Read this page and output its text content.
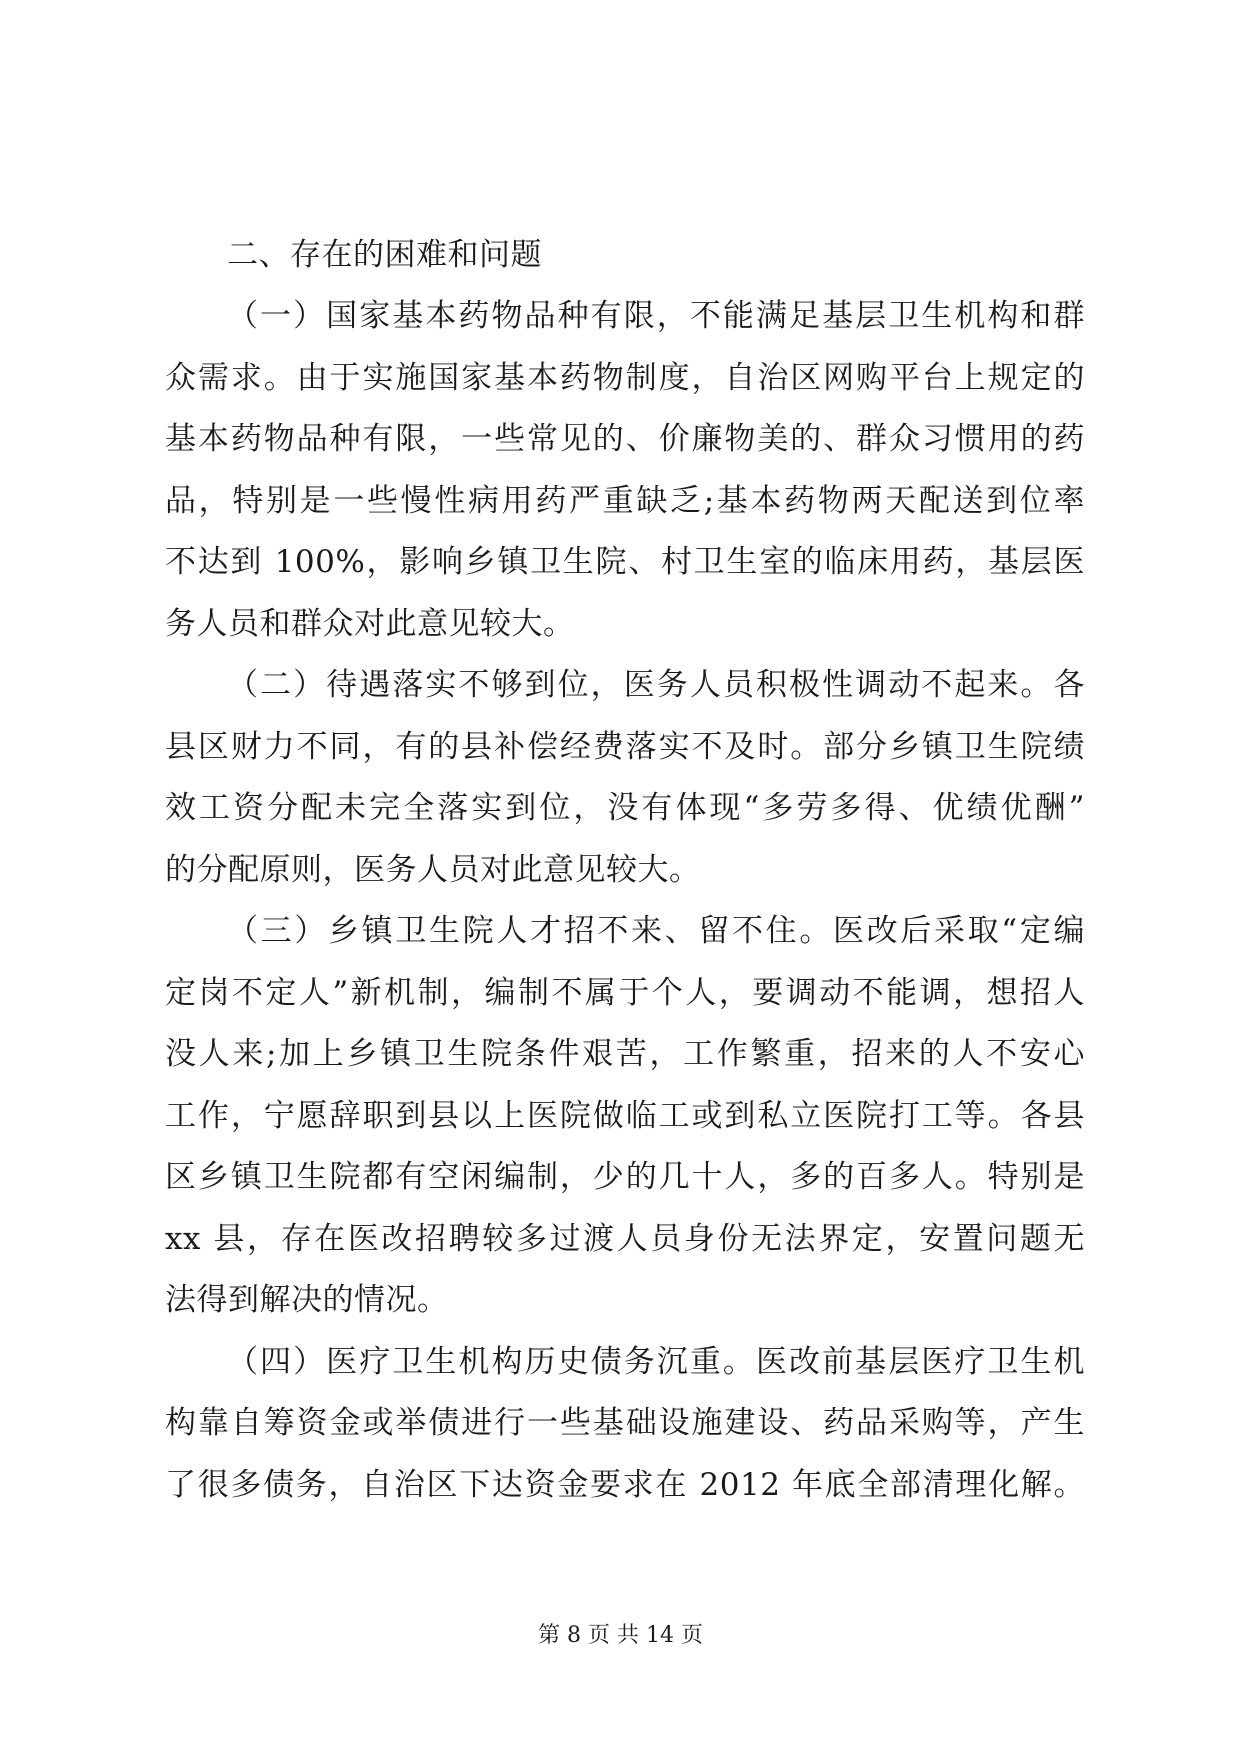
二、存在的困难和问题

（一）国家基本药物品种有限，不能满足基层卫生机构和群
众需求。由于实施国家基本药物制度，自治区网购平台上规定的
基本药物品种有限，一些常见的、价廉物美的、群众习惯用的药
品，特别是一些慢性病用药严重缺乏;基本药物两天配送到位率
不达到 100%，影响乡镇卫生院、村卫生室的临床用药，基层医
务人员和群众对此意见较大。
（二）待遇落实不够到位，医务人员积极性调动不起来。各
县区财力不同，有的县补偿经费落实不及时。部分乡镇卫生院绩
效工资分配未完全落实到位，没有体现“多劳多得、优绩优酬”
的分配原则，医务人员对此意见较大。
（三）乡镇卫生院人才招不来、留不住。医改后采取“定编
定岗不定人”新机制，编制不属于个人，要调动不能调，想招人
没人来;加上乡镇卫生院条件艰苦，工作繁重，招来的人不安心
工作，宁愿辞职到县以上医院做临工或到私立医院打工等。各县
区乡镇卫生院都有空闲编制，少的几十人，多的百多人。特别是
xx 县，存在医改招聘较多过渡人员身份无法界定，安置问题无
法得到解决的情况。
（四）医疗卫生机构历史债务沉重。医改前基层医疗卫生机
构靠自筹资金或举债进行一些基础设施建设、药品采购等，产生
了很多债务，自治区下达资金要求在 2012 年底全部清理化解。
第 8 页 共 14 页
